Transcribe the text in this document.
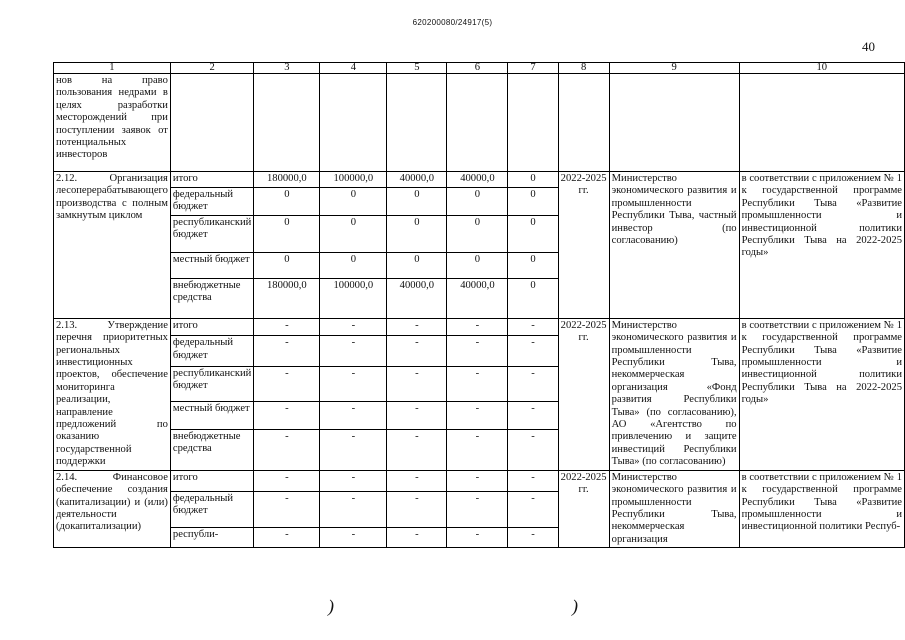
620200080/24917(5)
40
1	2	3	4	5	6	7	8	9	10
нов на право пользования недрами в целях разработки месторождений при поступлении заявок от потенциальных инвесторов									
2.12. Организация лесоперерабатывающего производства с полным замкнутым циклом	итого	180000,0	100000,0	40000,0	40000,0	0	2022-2025 гг.	Министерство экономического развития и промышленности Республики Тыва, частный инвестор (по согласованию)	в соответствии с приложением № 1 к государственной программе Республики Тыва «Развитие промышленности и инвестиционной политики Республики Тыва на 2022-2025 годы»
	федеральный бюджет	0	0	0	0	0			
	республиканский бюджет	0	0	0	0	0			
	местный бюджет	0	0	0	0	0			
	внебюджетные средства	180000,0	100000,0	40000,0	40000,0	0			
2.13. Утверждение перечня приоритетных региональных инвестиционных проектов, обеспечение мониторинга реализации, направление предложений по оказанию государственной поддержки	итого	-	-	-	-	-	2022-2025 гг.	Министерство экономического развития и промышленности Республики Тыва, некоммерческая организация «Фонд развития Республики Тыва» (по согласованию), АО «Агентство по привлечению и защите инвестиций Республики Тыва» (по согласованию)	в соответствии с приложением № 1 к государственной программе Республики Тыва «Развитие промышленности и инвестиционной политики Республики Тыва на 2022-2025 годы»
	федеральный бюджет	-	-	-	-	-			
	республиканский бюджет	-	-	-	-	-			
	местный бюджет	-	-	-	-	-			
	внебюджетные средства	-	-	-	-	-			
2.14. Финансовое обеспечение создания (капитализации) и (или) деятельности (докапитализации)	итого	-	-	-	-	-	2022-2025 гг.	Министерство экономического развития и промышленности Республики Тыва, некоммерческая организация	в соответствии с приложением № 1 к государственной программе Республики Тыва «Развитие промышленности и инвестиционной политики Респуб-
	федеральный бюджет	-	-	-	-	-			
	республи-	-	-	-	-	-			
)	)
